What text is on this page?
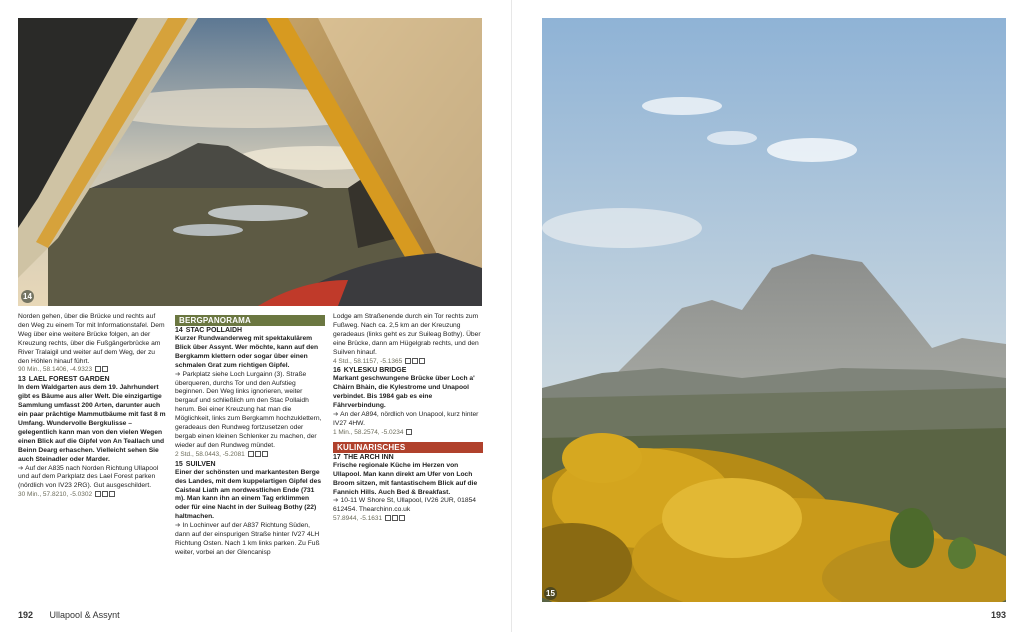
14

Norden gehen, über die Brücke und rechts auf den Weg zu einem Tor mit Informationstafel. Dem Weg über eine weitere Brücke folgen, an der Kreuzung rechts, über die Fußgängerbrücke am River Tralaigil und weiter auf dem Weg, der zu den Höhlen hinauf führt.

90 Min., 58.1406, -4.9323

13 LAEL FOREST GARDEN

In dem Waldgarten aus dem 19. Jahrhundert gibt es Bäume aus aller Welt. Die einzigartige Sammlung umfasst 200 Arten, darunter auch ein paar prächtige Mammutbäume mit fast 8 m Umfang. Wundervolle Bergkulisse – gelegentlich kann man von den vielen Wegen einen Blick auf die Gipfel von An Teallach und Beinn Dearg erhaschen. Vielleicht sehen Sie auch Steinadler oder Marder.

➔ Auf der A835 nach Norden Richtung Ullapool und auf dem Parkplatz des Lael Forest parken (nördlich von IV23 2RG). Gut ausgeschildert.

30 Min., 57.8210, -5.0302

BERGPANORAMA

14 STAC POLLAIDH

Kurzer Rundwanderweg mit spektakulärem Blick über Assynt. Wer möchte, kann auf den Bergkamm klettern oder sogar über einen schmalen Grat zum richtigen Gipfel.

➔ Parkplatz siehe Loch Lurgainn (3). Straße überqueren, durchs Tor und den Aufstieg beginnen. Den Weg links ignorieren, weiter bergauf und schließlich um den Stac Pollaidh herum. Bei einer Kreuzung hat man die Möglichkeit, links zum Bergkamm hochzuklettern, geradeaus den Rundweg fortzusetzen oder bergab einen kleinen Schlenker zu machen, der wieder auf den Rundweg mündet.

2 Std., 58.0443, -5.2081

15 SUILVEN

Einer der schönsten und markantesten Berge des Landes, mit dem kuppelartigen Gipfel des Caisteal Liath am nordwestlichen Ende (731 m). Man kann ihn an einem Tag erklimmen oder für eine Nacht in der Suileag Bothy (22) haltmachen.

➔ In Lochinver auf der A837 Richtung Süden, dann auf der einspurigen Straße hinter IV27 4LH Richtung Osten. Nach 1 km links parken. Zu Fuß weiter, vorbei an der Glencanisp

Lodge am Straßenende durch ein Tor rechts zum Fußweg. Nach ca. 2,5 km an der Kreuzung geradeaus (links geht es zur Suileag Bothy). Über eine Brücke, dann am Hügelgrab rechts, und den Suilven hinauf.

4 Std., 58.1157, -5.1365

16 KYLESKU BRIDGE

Markant geschwungene Brücke über Loch a' Chàirn Bhàin, die Kylestrome und Unapool verbindet. Bis 1984 gab es eine Fährverbindung.

➔ An der A894, nördlich von Unapool, kurz hinter IV27 4HW.

1 Min., 58.2574, -5.0234

KULINARISCHES

17 THE ARCH INN

Frische regionale Küche im Herzen von Ullapool. Man kann direkt am Ufer von Loch Broom sitzen, mit fantastischem Blick auf die Fannich Hills. Auch Bed & Breakfast.

➔ 10-11 W Shore St, Ullapool, IV26 2UR, 01854 612454. Thearchinn.co.uk

57.8944, -5.1631

192 Ullapool & Assynt
15
193
